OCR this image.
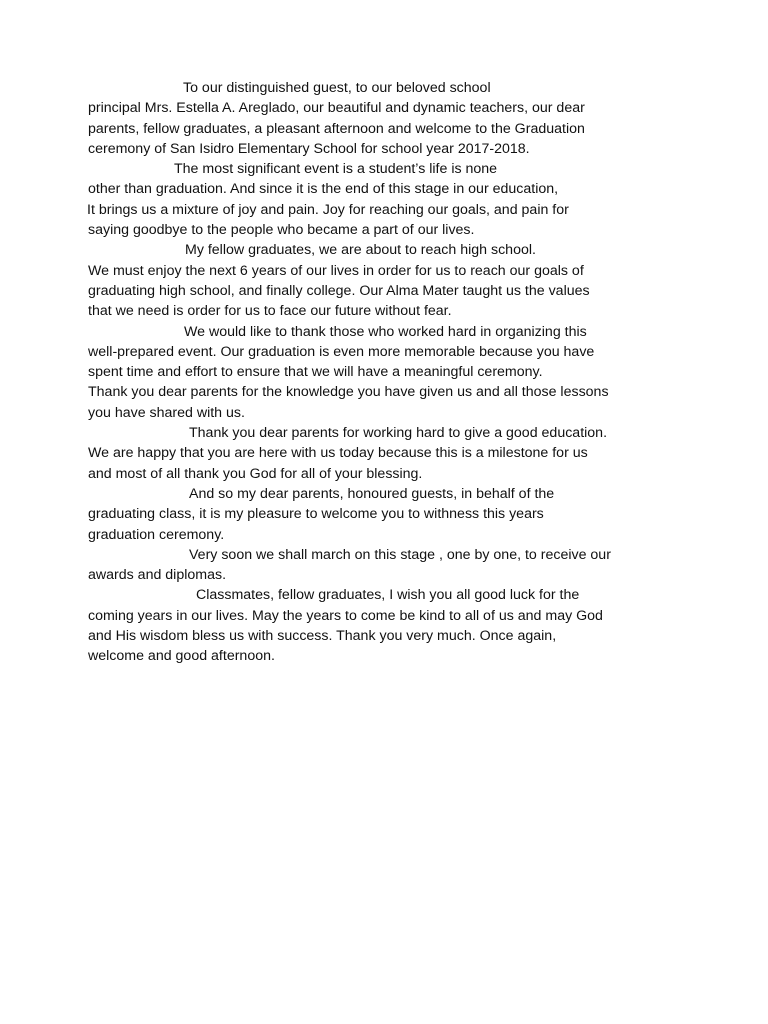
To our distinguished guest, to our beloved school
principal Mrs. Estella A. Areglado, our beautiful and dynamic teachers, our dear
parents, fellow graduates, a pleasant afternoon and welcome to the Graduation
ceremony of San Isidro Elementary School for school year 2017-2018.
The most significant event is a student’s life is none
other than graduation. And since it is the end of this stage in our education,
It brings us a mixture of joy and pain. Joy for reaching our goals, and pain for
saying goodbye to the people who became a part of our lives.
My fellow graduates, we are about to reach high school.
We must enjoy the next 6 years of our lives in order for us to reach our goals of
graduating high school, and finally college. Our Alma Mater taught us the values
that we need is order for us to face our future without fear.
We would like to thank those who worked hard in organizing this
well-prepared event. Our graduation is even more memorable because you have
spent time and effort to ensure that we will have a meaningful ceremony.
Thank you dear parents for the knowledge you have given us and all those lessons
you have shared with us.
Thank you dear parents for working hard to give a good education.
We are happy that you are here with us today because this is a milestone for us
and most of all thank you God for all of your blessing.
And so my dear parents, honoured guests, in behalf of the
graduating class, it is my pleasure to welcome you to withness this years
graduation ceremony.
Very soon we shall march on this stage , one by one, to receive our
awards and diplomas.
Classmates, fellow graduates, I wish you all good luck for the
coming years in our lives. May the years to come be kind to all of us and may God
and His wisdom bless us with success. Thank you very much. Once again,
welcome and good afternoon.
